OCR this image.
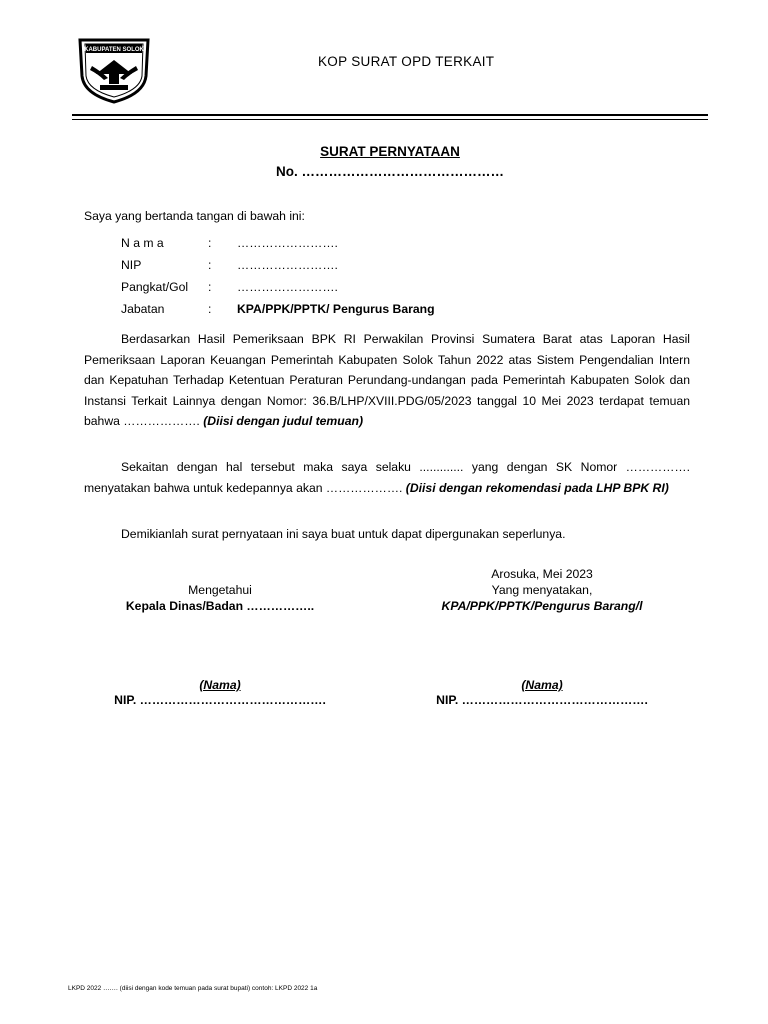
KABUPATEN SOLOK
KOP SURAT OPD TERKAIT
SURAT PERNYATAAN
No. ………………………………………
Saya yang bertanda tangan di bawah ini:
N a m a	: …………………….
NIP	: …………………….
Pangkat/Gol : …………………….
Jabatan	: KPA/PPK/PPTK/ Pengurus Barang
Berdasarkan Hasil Pemeriksaan BPK RI Perwakilan Provinsi Sumatera Barat atas Laporan Hasil Pemeriksaan Laporan Keuangan Pemerintah Kabupaten Solok Tahun 2022 atas Sistem Pengendalian Intern dan Kepatuhan Terhadap Ketentuan Peraturan Perundang-undangan pada Pemerintah Kabupaten Solok dan Instansi Terkait Lainnya dengan Nomor: 36.B/LHP/XVIII.PDG/05/2023 tanggal 10 Mei 2023 terdapat temuan bahwa ………………. (Diisi dengan judul temuan)
Sekaitan dengan hal tersebut maka saya selaku ............. yang dengan SK Nomor ……………. menyatakan bahwa untuk kedepannya akan ………………. (Diisi dengan rekomendasi pada LHP BPK RI)
Demikianlah surat pernyataan ini saya buat untuk dapat dipergunakan seperlunya.
Mengetahui
Kepala Dinas/Badan ……………..
(Nama)
NIP. ……………………………………….
Arosuka, Mei 2023
Yang menyatakan,
KPA/PPK/PPTK/Pengurus Barang/l
(Nama)
NIP. ……………………………………….
LKPD 2022 ……. (diisi dengan kode temuan pada surat bupati) contoh: LKPD 2022 1a
